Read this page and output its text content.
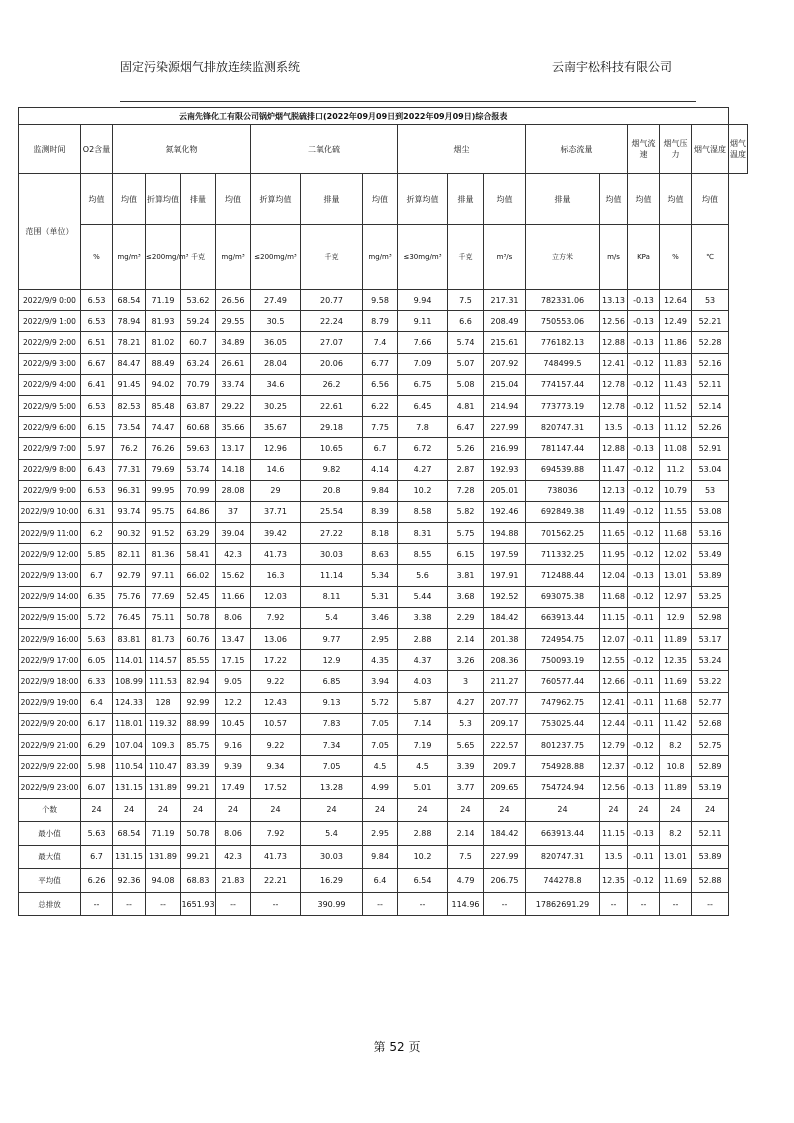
固定污染源烟气排放连续监测系统	云南宇松科技有限公司
云南先锋化工有限公司锅炉烟气脱硫排口(2022年09月09日到2022年09月09日)综合报表																	
监测时间	O2含量	氮氧化物				二氧化硫			烟尘			标态流量		烟气流速	烟气压力	烟气湿度	烟气温度
范围（单位）	均值	均值	折算均值	排量	均值	折算均值	排量	均值	折算均值	排量	均值	排量	均值	均值	均值	均值	
	%	mg/m³	≤200mg/m³	千克	mg/m³	≤200mg/m³	千克	mg/m³	≤30mg/m³	千克	m³/s	立方米	m/s	KPa	%	℃	
2022/9/9 0:00	6.53	68.54	71.19	53.62	26.56	27.49	20.77	9.58	9.94	7.5	217.31	782331.06	13.13	-0.13	12.64	53	
2022/9/9 1:00	6.53	78.94	81.93	59.24	29.55	30.5	22.24	8.79	9.11	6.6	208.49	750553.06	12.56	-0.13	12.49	52.21	
2022/9/9 2:00	6.51	78.21	81.02	60.7	34.89	36.05	27.07	7.4	7.66	5.74	215.61	776182.13	12.88	-0.13	11.86	52.28	
2022/9/9 3:00	6.67	84.47	88.49	63.24	26.61	28.04	20.06	6.77	7.09	5.07	207.92	748499.5	12.41	-0.12	11.83	52.16	
2022/9/9 4:00	6.41	91.45	94.02	70.79	33.74	34.6	26.2	6.56	6.75	5.08	215.04	774157.44	12.78	-0.12	11.43	52.11	
2022/9/9 5:00	6.53	82.53	85.48	63.87	29.22	30.25	22.61	6.22	6.45	4.81	214.94	773773.19	12.78	-0.12	11.52	52.14	
2022/9/9 6:00	6.15	73.54	74.47	60.68	35.66	35.67	29.18	7.75	7.8	6.47	227.99	820747.31	13.5	-0.13	11.12	52.26	
2022/9/9 7:00	5.97	76.2	76.26	59.63	13.17	12.96	10.65	6.7	6.72	5.26	216.99	781147.44	12.88	-0.13	11.08	52.91	
2022/9/9 8:00	6.43	77.31	79.69	53.74	14.18	14.6	9.82	4.14	4.27	2.87	192.93	694539.88	11.47	-0.12	11.2	53.04	
2022/9/9 9:00	6.53	96.31	99.95	70.99	28.08	29	20.8	9.84	10.2	7.28	205.01	738036	12.13	-0.12	10.79	53	
2022/9/9 10:00	6.31	93.74	95.75	64.86	37	37.71	25.54	8.39	8.58	5.82	192.46	692849.38	11.49	-0.12	11.55	53.08	
2022/9/9 11:00	6.2	90.32	91.52	63.29	39.04	39.42	27.22	8.18	8.31	5.75	194.88	701562.25	11.65	-0.12	11.68	53.16	
2022/9/9 12:00	5.85	82.11	81.36	58.41	42.3	41.73	30.03	8.63	8.55	6.15	197.59	711332.25	11.95	-0.12	12.02	53.49	
2022/9/9 13:00	6.7	92.79	97.11	66.02	15.62	16.3	11.14	5.34	5.6	3.81	197.91	712488.44	12.04	-0.13	13.01	53.89	
2022/9/9 14:00	6.35	75.76	77.69	52.45	11.66	12.03	8.11	5.31	5.44	3.68	192.52	693075.38	11.68	-0.12	12.97	53.25	
2022/9/9 15:00	5.72	76.45	75.11	50.78	8.06	7.92	5.4	3.46	3.38	2.29	184.42	663913.44	11.15	-0.11	12.9	52.98	
2022/9/9 16:00	5.63	83.81	81.73	60.76	13.47	13.06	9.77	2.95	2.88	2.14	201.38	724954.75	12.07	-0.11	11.89	53.17	
2022/9/9 17:00	6.05	114.01	114.57	85.55	17.15	17.22	12.9	4.35	4.37	3.26	208.36	750093.19	12.55	-0.12	12.35	53.24	
2022/9/9 18:00	6.33	108.99	111.53	82.94	9.05	9.22	6.85	3.94	4.03	3	211.27	760577.44	12.66	-0.11	11.69	53.22	
2022/9/9 19:00	6.4	124.33	128	92.99	12.2	12.43	9.13	5.72	5.87	4.27	207.77	747962.75	12.41	-0.11	11.68	52.77	
2022/9/9 20:00	6.17	118.01	119.32	88.99	10.45	10.57	7.83	7.05	7.14	5.3	209.17	753025.44	12.44	-0.11	11.42	52.68	
2022/9/9 21:00	6.29	107.04	109.3	85.75	9.16	9.22	7.34	7.05	7.19	5.65	222.57	801237.75	12.79	-0.12	8.2	52.75	
2022/9/9 22:00	5.98	110.54	110.47	83.39	9.39	9.34	7.05	4.5	4.5	3.39	209.7	754928.88	12.37	-0.12	10.8	52.89	
2022/9/9 23:00	6.07	131.15	131.89	99.21	17.49	17.52	13.28	4.99	5.01	3.77	209.65	754724.94	12.56	-0.13	11.89	53.19	
个数	24	24	24	24	24	24	24	24	24	24	24	24	24	24	24	24	
最小值	5.63	68.54	71.19	50.78	8.06	7.92	5.4	2.95	2.88	2.14	184.42	663913.44	11.15	-0.13	8.2	52.11	
最大值	6.7	131.15	131.89	99.21	42.3	41.73	30.03	9.84	10.2	7.5	227.99	820747.31	13.5	-0.11	13.01	53.89	
平均值	6.26	92.36	94.08	68.83	21.83	22.21	16.29	6.4	6.54	4.79	206.75	744278.8	12.35	-0.12	11.69	52.88	
总排放	--	--	--	1651.93	--	--	390.99	--	--	114.96	--	17862691.29	--	--	--	--	
第 52 页
